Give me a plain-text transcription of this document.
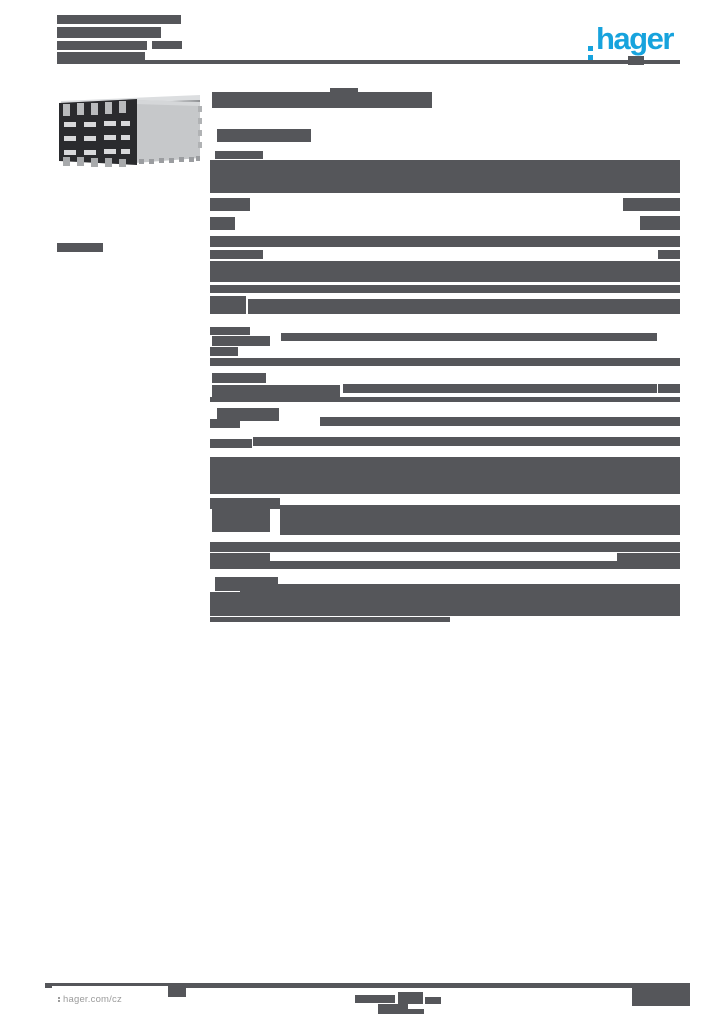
hager
hager.com/cz
